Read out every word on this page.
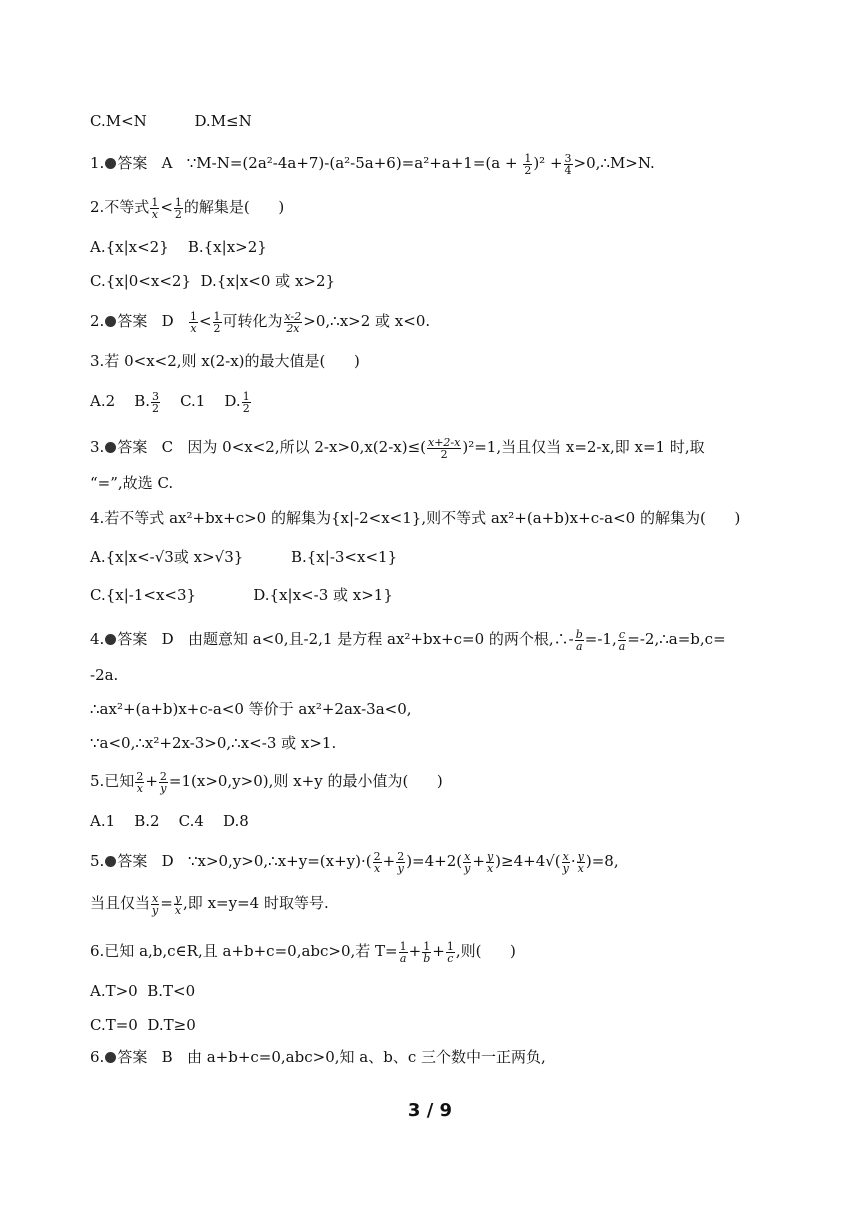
C.M<N          D.M≤N
1. 答案   A   ∵M-N=(2a²-4a+7)-(a²-5a+6)=a²+a+1=(a + $\frac{1}{2} )^2 + \frac{3}{4}$ >0,∴M>N.
2.不等式 $\frac{1}{x} < \frac{1}{2}$ 的解集是(      )
A.{x|x<2}    B.{x|x>2}
C.{x|0<x<2}  D.{x|x<0 或 x>2}
2. 答案   D $\frac{1}{x} < \frac{1}{2}$ 可转化为 $\frac{x-2}{2x}$ >0,∴x>2 或 x<0.
3.若 0<x<2,则 x(2-x)的最大值是(      )
A.2    B. $\frac{3}{2} C.1$    D. $\frac{1}{2}$
3. 答案   C   因为 0<x<2,所以 $2-x>0,x(2-x)\le( \frac{x+2-x}{2} )^2=1$,当且仅当 x=2-x,即 x=1 时,取
“=”,故选 C.
4.若不等式 ax²+bx+c>0 的解集为{x|-2<x<1},则不等式 ax²+(a+b)x+c-a<0 的解集为(      )
A.{x|x<-√3或 x>√3}          B.{x|-3<x<1}
C.{x|-1<x<3}            D.{x|x<-3 或 x>1}
4. 答案   D   由题意知 a<0,且-2,1 是方程 ax²+bx+c=0 的两个根,∴- $\frac{b}{a} =-1$, $\frac{c}{a}$ =-2,∴a=b,c=
-2a.
∴ax²+(a+b)x+c-a<0 等价于 ax²+2ax-3a<0,
∵a<0,∴x²+2x-3>0,∴x<-3 或 x>1.
5.已知 $\frac{2}{x} + \frac{2}{y} =1(x>0,y>0)$,则 x+y 的最小值为(      )
A.1    B.2    C.4    D.8
5. 答案   D   ∵x>0,y>0,∴x+y=(x+y)·( $\frac{2}{x} + \frac{2}{y} )=4+2( \frac{x}{y} + \frac{y}{x} )\ge 4+4√( \frac{x}{y} \cdot \frac{y}{x} )=8$,
当且仅当 $\frac{x}{y} = \frac{y}{x}$ ,即 x=y=4 时取等号.
6.已知 a,b,c∈R,且 a+b+c=0,abc>0,若 $T= \frac{1}{a} + \frac{1}{b} + \frac{1}{c}$ ,则(      )
A.T>0  B.T<0
C.T=0  D.T≥0
6. 答案   B   由 a+b+c=0,abc>0,知 a、b、c 三个数中一正两负,
3 / 9
